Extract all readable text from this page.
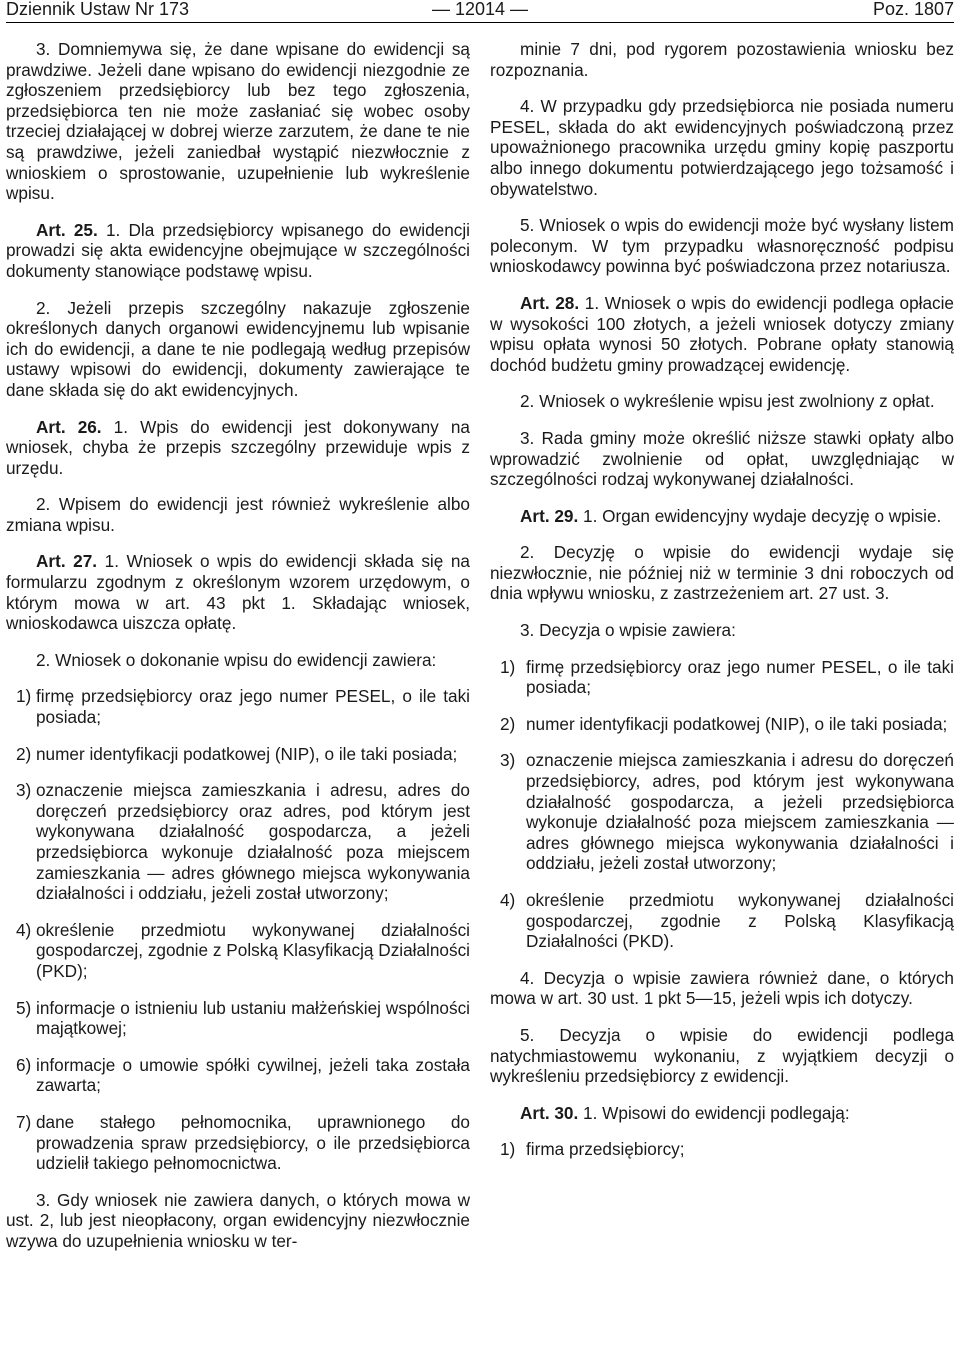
Dziennik Ustaw Nr 173	— 12014 —	Poz. 1807

3. Domniemywa się, że dane wpisane do ewidencji są prawdziwe. Jeżeli dane wpisano do ewidencji niezgodnie ze zgłoszeniem przedsiębiorcy lub bez tego zgłoszenia, przedsiębiorca ten nie może zasłaniać się wobec osoby trzeciej działającej w dobrej wierze zarzutem, że dane te nie są prawdziwe, jeżeli zaniedbał wystąpić niezwłocznie z wnioskiem o sprostowanie, uzupełnienie lub wykreślenie wpisu.

Art. 25. 1. Dla przedsiębiorcy wpisanego do ewidencji prowadzi się akta ewidencyjne obejmujące w szczególności dokumenty stanowiące podstawę wpisu.

2. Jeżeli przepis szczególny nakazuje zgłoszenie określonych danych organowi ewidencyjnemu lub wpisanie ich do ewidencji, a dane te nie podlegają według przepisów ustawy wpisowi do ewidencji, dokumenty zawierające te dane składa się do akt ewidencyjnych.

Art. 26. 1. Wpis do ewidencji jest dokonywany na wniosek, chyba że przepis szczególny przewiduje wpis z urzędu.

2. Wpisem do ewidencji jest również wykreślenie albo zmiana wpisu.

Art. 27. 1. Wniosek o wpis do ewidencji składa się na formularzu zgodnym z określonym wzorem urzędowym, o którym mowa w art. 43 pkt 1. Składając wniosek, wnioskodawca uiszcza opłatę.

2. Wniosek o dokonanie wpisu do ewidencji zawiera:

1) firmę przedsiębiorcy oraz jego numer PESEL, o ile taki posiada;
2) numer identyfikacji podatkowej (NIP), o ile taki posiada;
3) oznaczenie miejsca zamieszkania i adresu, adres do doręczeń przedsiębiorcy oraz adres, pod którym jest wykonywana działalność gospodarcza, a jeżeli przedsiębiorca wykonuje działalność poza miejscem zamieszkania — adres głównego miejsca wykonywania działalności i oddziału, jeżeli został utworzony;
4) określenie przedmiotu wykonywanej działalności gospodarczej, zgodnie z Polską Klasyfikacją Działalności (PKD);
5) informacje o istnieniu lub ustaniu małżeńskiej wspólności majątkowej;
6) informacje o umowie spółki cywilnej, jeżeli taka została zawarta;
7) dane stałego pełnomocnika, uprawnionego do prowadzenia spraw przedsiębiorcy, o ile przedsiębiorca udzielił takiego pełnomocnictwa.

3. Gdy wniosek nie zawiera danych, o których mowa w ust. 2, lub jest nieopłacony, organ ewidencyjny niezwłocznie wzywa do uzupełnienia wniosku w ter-

minie 7 dni, pod rygorem pozostawienia wniosku bez rozpoznania.

4. W przypadku gdy przedsiębiorca nie posiada numeru PESEL, składa do akt ewidencyjnych poświadczoną przez upoważnionego pracownika urzędu gminy kopię paszportu albo innego dokumentu potwierdzającego jego tożsamość i obywatelstwo.

5. Wniosek o wpis do ewidencji może być wysłany listem poleconym. W tym przypadku własnoręczność podpisu wnioskodawcy powinna być poświadczona przez notariusza.

Art. 28. 1. Wniosek o wpis do ewidencji podlega opłacie w wysokości 100 złotych, a jeżeli wniosek dotyczy zmiany wpisu opłata wynosi 50 złotych. Pobrane opłaty stanowią dochód budżetu gminy prowadzącej ewidencję.

2. Wniosek o wykreślenie wpisu jest zwolniony z opłat.

3. Rada gminy może określić niższe stawki opłaty albo wprowadzić zwolnienie od opłat, uwzględniając w szczególności rodzaj wykonywanej działalności.

Art. 29. 1. Organ ewidencyjny wydaje decyzję o wpisie.

2. Decyzję o wpisie do ewidencji wydaje się niezwłocznie, nie później niż w terminie 3 dni roboczych od dnia wpływu wniosku, z zastrzeżeniem art. 27 ust. 3.

3. Decyzja o wpisie zawiera:

1) firmę przedsiębiorcy oraz jego numer PESEL, o ile taki posiada;
2) numer identyfikacji podatkowej (NIP), o ile taki posiada;
3) oznaczenie miejsca zamieszkania i adresu do doręczeń przedsiębiorcy, adres, pod którym jest wykonywana działalność gospodarcza, a jeżeli przedsiębiorca wykonuje działalność poza miejscem zamieszkania — adres głównego miejsca wykonywania działalności i oddziału, jeżeli został utworzony;
4) określenie przedmiotu wykonywanej działalności gospodarczej, zgodnie z Polską Klasyfikacją Działalności (PKD).

4. Decyzja o wpisie zawiera również dane, o których mowa w art. 30 ust. 1 pkt 5—15, jeżeli wpis ich dotyczy.

5. Decyzja o wpisie do ewidencji podlega natychmiastowemu wykonaniu, z wyjątkiem decyzji o wykreśleniu przedsiębiorcy z ewidencji.

Art. 30. 1. Wpisowi do ewidencji podlegają:

1) firma przedsiębiorcy;
